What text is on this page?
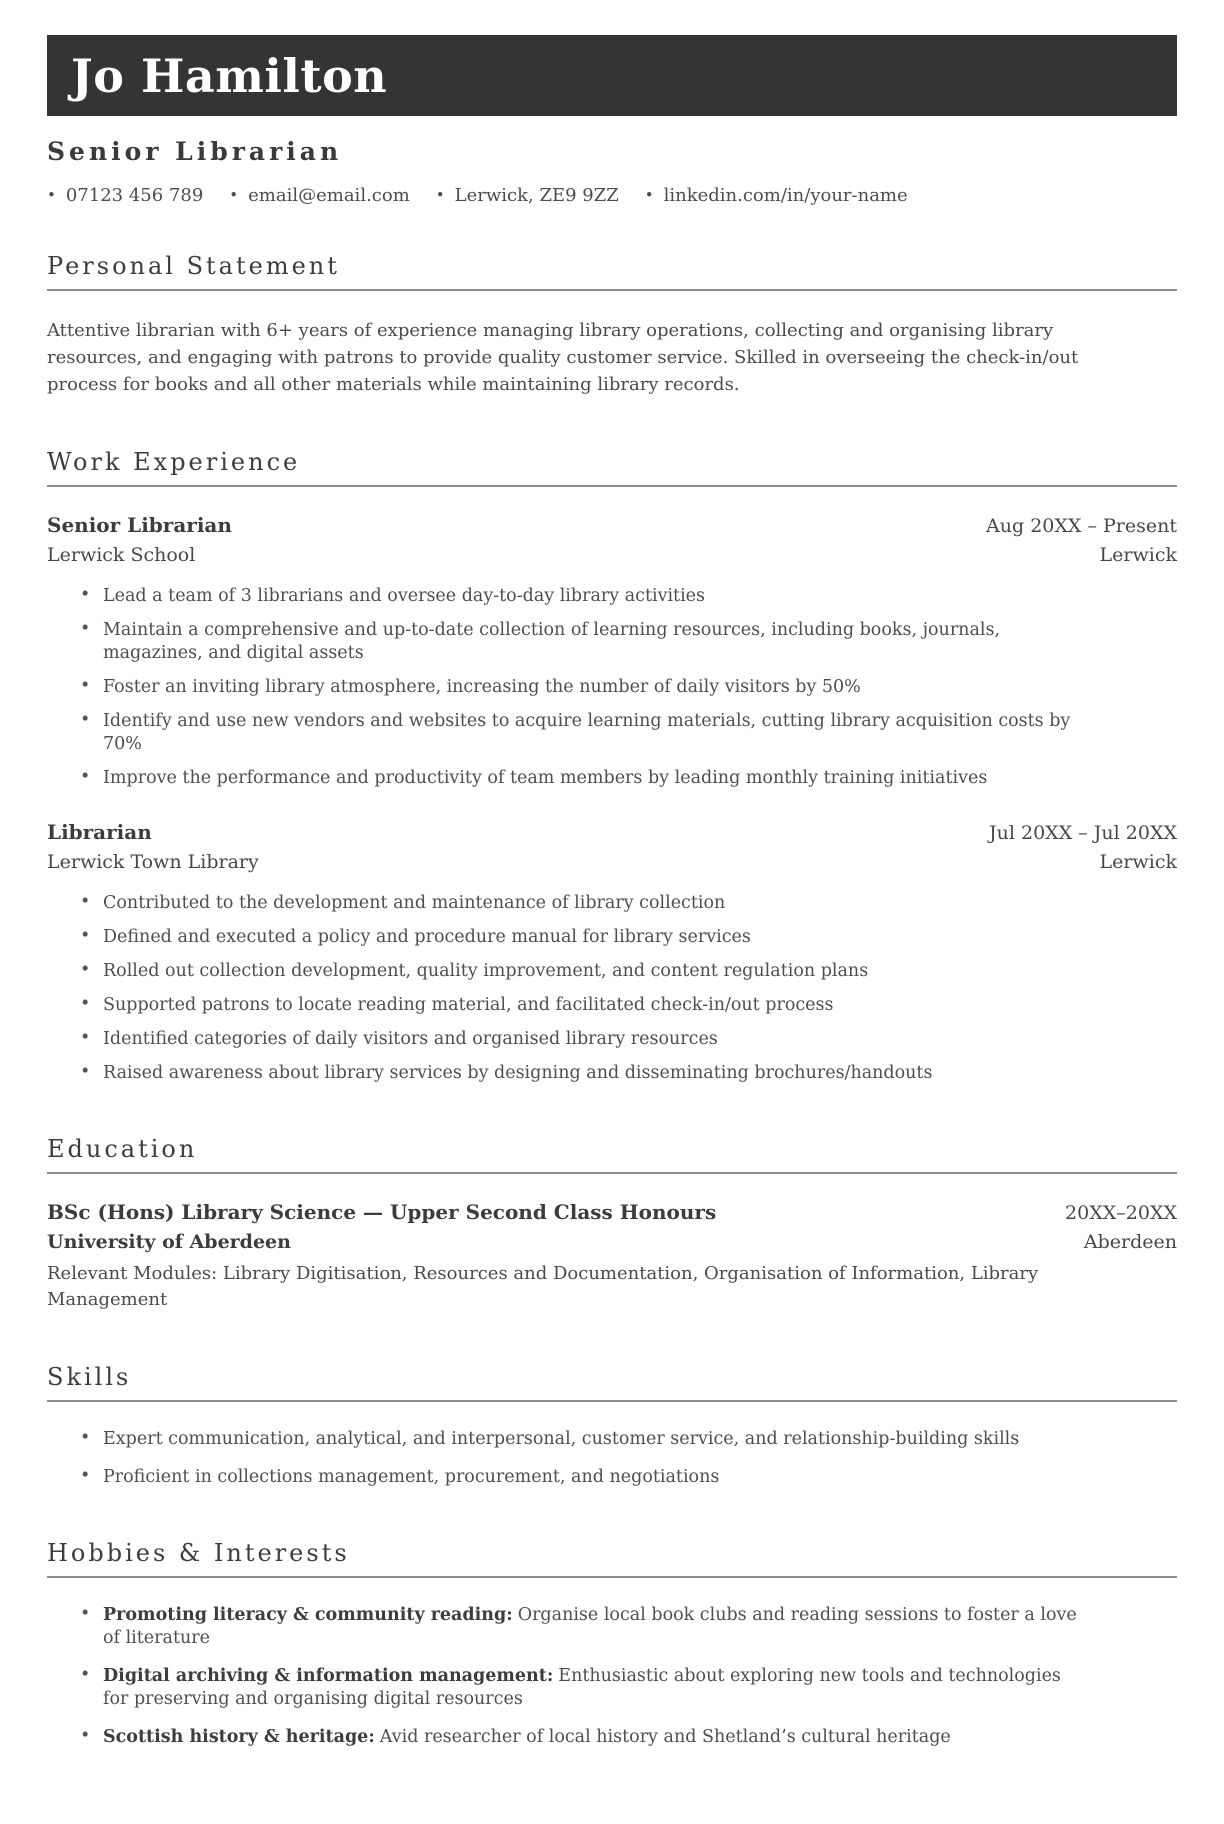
Jo Hamilton
Senior Librarian
• 07123 456 789 • email@email.com • Lerwick, ZE9 9ZZ • linkedin.com/in/your-name
Personal Statement

Attentive librarian with 6+ years of experience managing library operations, collecting and organising library resources, and engaging with patrons to provide quality customer service. Skilled in overseeing the check-in/out process for books and all other materials while maintaining library records.

Work Experience
Senior Librarian	Aug 20XX – Present
Lerwick School	Lerwick
• Lead a team of 3 librarians and oversee day-to-day library activities
• Maintain a comprehensive and up-to-date collection of learning resources, including books, journals, magazines, and digital assets
• Foster an inviting library atmosphere, increasing the number of daily visitors by 50%
• Identify and use new vendors and websites to acquire learning materials, cutting library acquisition costs by 70%
• Improve the performance and productivity of team members by leading monthly training initiatives
Librarian	Jul 20XX – Jul 20XX
Lerwick Town Library	Lerwick
• Contributed to the development and maintenance of library collection
• Defined and executed a policy and procedure manual for library services
• Rolled out collection development, quality improvement, and content regulation plans
• Supported patrons to locate reading material, and facilitated check-in/out process
• Identified categories of daily visitors and organised library resources
• Raised awareness about library services by designing and disseminating brochures/handouts
Education
BSc (Hons) Library Science — Upper Second Class Honours	20XX–20XX
University of Aberdeen	Aberdeen

Relevant Modules: Library Digitisation, Resources and Documentation, Organisation of Information, Library Management

Skills
• Expert communication, analytical, and interpersonal, customer service, and relationship-building skills
• Proficient in collections management, procurement, and negotiations
Hobbies & Interests
• Promoting literacy & community reading: Organise local book clubs and reading sessions to foster a love of literature
• Digital archiving & information management: Enthusiastic about exploring new tools and technologies for preserving and organising digital resources
• Scottish history & heritage: Avid researcher of local history and Shetland’s cultural heritage
